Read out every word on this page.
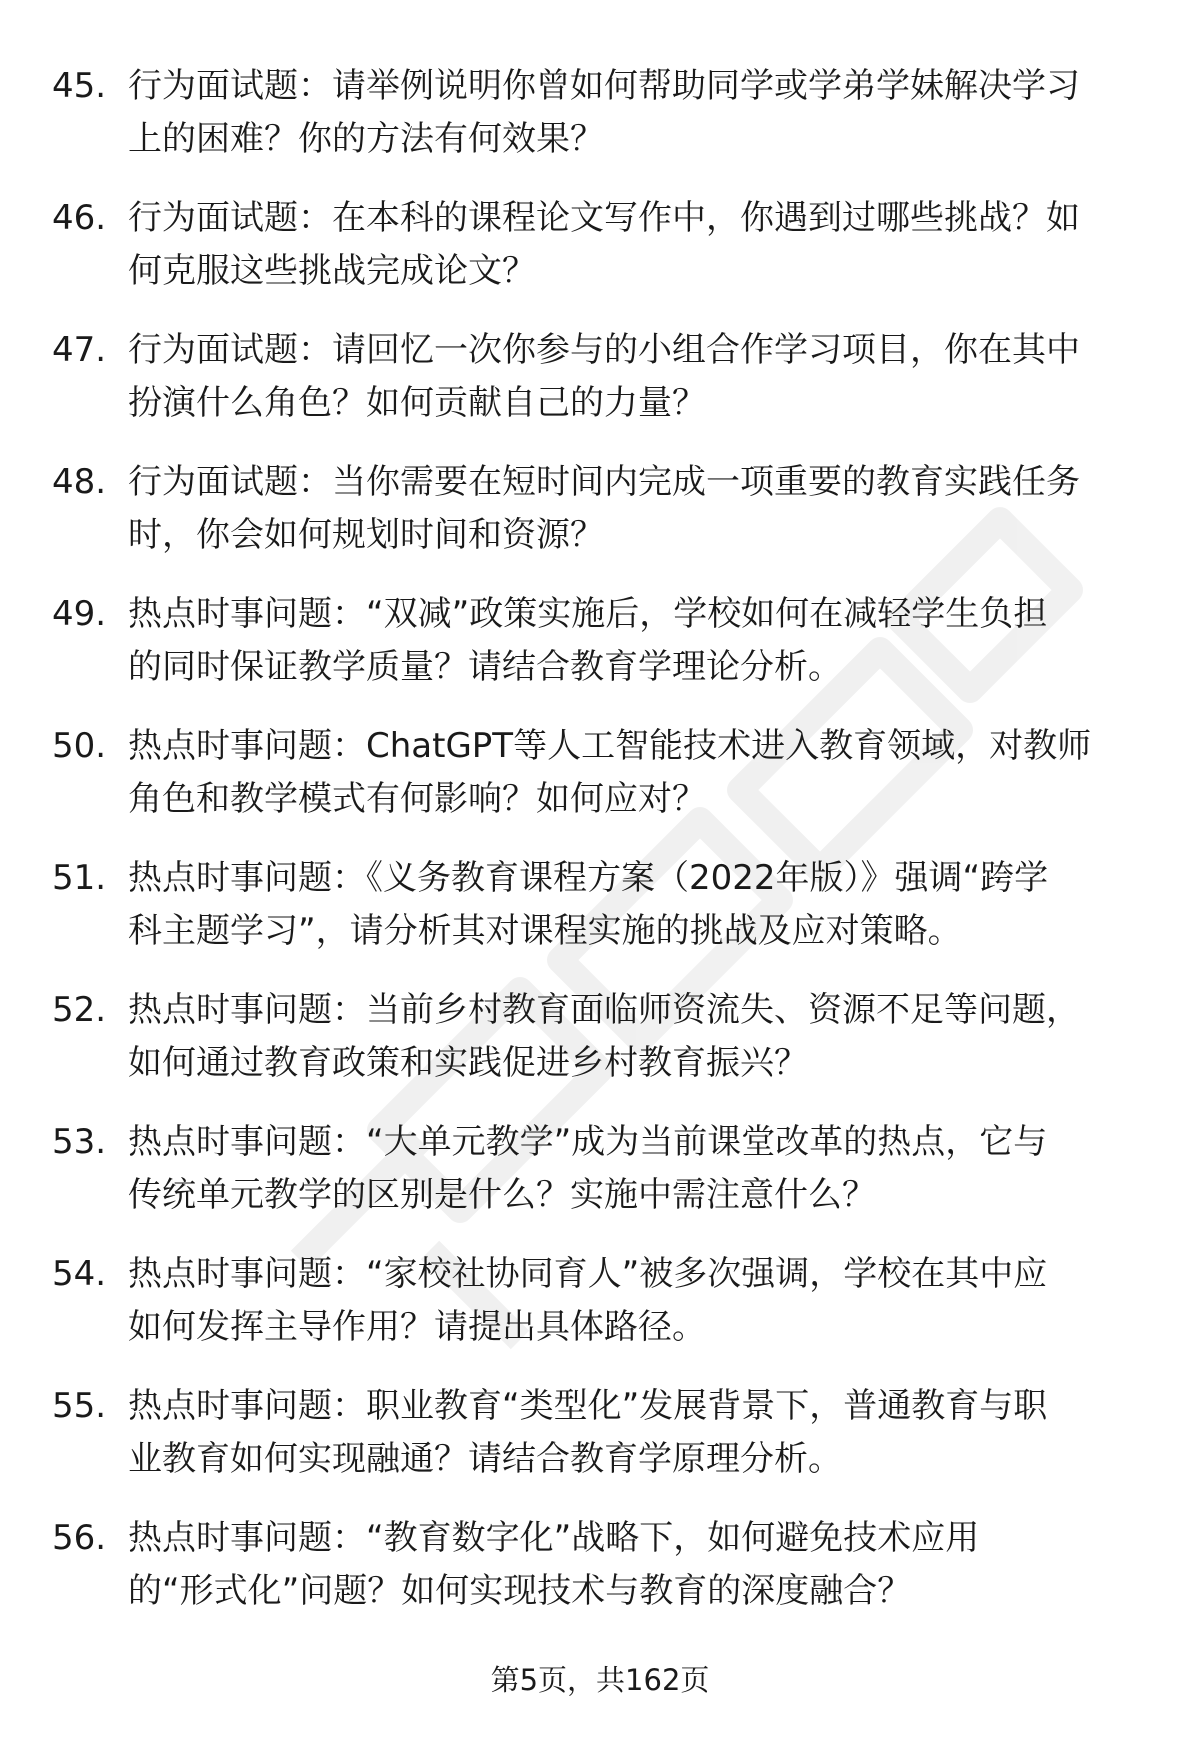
45. 行为面试题：请举例说明你曾如何帮助同学或学弟学妹解决学习
上的困难？你的方法有何效果？
46. 行为面试题：在本科的课程论文写作中，你遇到过哪些挑战？如
何克服这些挑战完成论文？
47. 行为面试题：请回忆一次你参与的小组合作学习项目，你在其中
扮演什么角色？如何贡献自己的力量？
48. 行为面试题：当你需要在短时间内完成一项重要的教育实践任务
时，你会如何规划时间和资源？
49. 热点时事问题：“双减”政策实施后，学校如何在减轻学生负担
的同时保证教学质量？请结合教育学理论分析。
50. 热点时事问题：ChatGPT等人工智能技术进入教育领域，对教师
角色和教学模式有何影响？如何应对？
51. 热点时事问题：《义务教育课程方案（2022年版）》强调“跨学
科主题学习”，请分析其对课程实施的挑战及应对策略。
52. 热点时事问题：当前乡村教育面临师资流失、资源不足等问题，
如何通过教育政策和实践促进乡村教育振兴？
53. 热点时事问题：“大单元教学”成为当前课堂改革的热点，它与
传统单元教学的区别是什么？实施中需注意什么？
54. 热点时事问题：“家校社协同育人”被多次强调，学校在其中应
如何发挥主导作用？请提出具体路径。
55. 热点时事问题：职业教育“类型化”发展背景下，普通教育与职
业教育如何实现融通？请结合教育学原理分析。
56. 热点时事问题：“教育数字化”战略下，如何避免技术应用
的“形式化”问题？如何实现技术与教育的深度融合？
第5页，共162页
